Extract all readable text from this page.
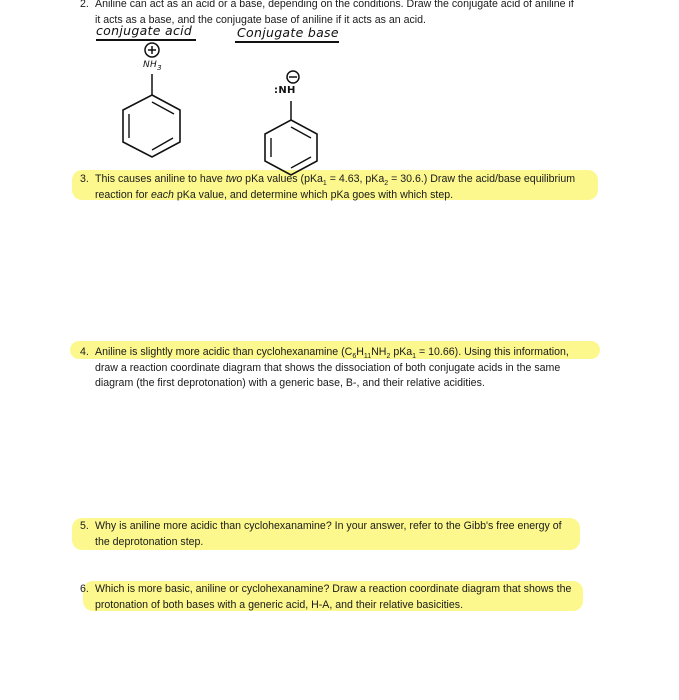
2. Aniline can act as an acid or a base, depending on the conditions. Draw the conjugate acid of aniline if
it acts as a base, and the conjugate base of aniline if it acts as an acid.
conjugate acid	Conjugate base
$NH_3$
:NH
3. This causes aniline to have two pKa values (pKa$_1$ = 4.63, pKa$_2$ = 30.6.) Draw the acid/base equilibrium
reaction for each pKa value, and determine which pKa goes with which step.
4. Aniline is slightly more acidic than cyclohexanamine ($C_6H_{11}NH_2$ pKa$_1$ = 10.66). Using this information,
draw a reaction coordinate diagram that shows the dissociation of both conjugate acids in the same
diagram (the first deprotonation) with a generic base, B-, and their relative acidities.
5. Why is aniline more acidic than cyclohexanamine? In your answer, refer to the Gibb's free energy of
the deprotonation step.
6. Which is more basic, aniline or cyclohexanamine? Draw a reaction coordinate diagram that shows the
protonation of both bases with a generic acid, H-A, and their relative basicities.
